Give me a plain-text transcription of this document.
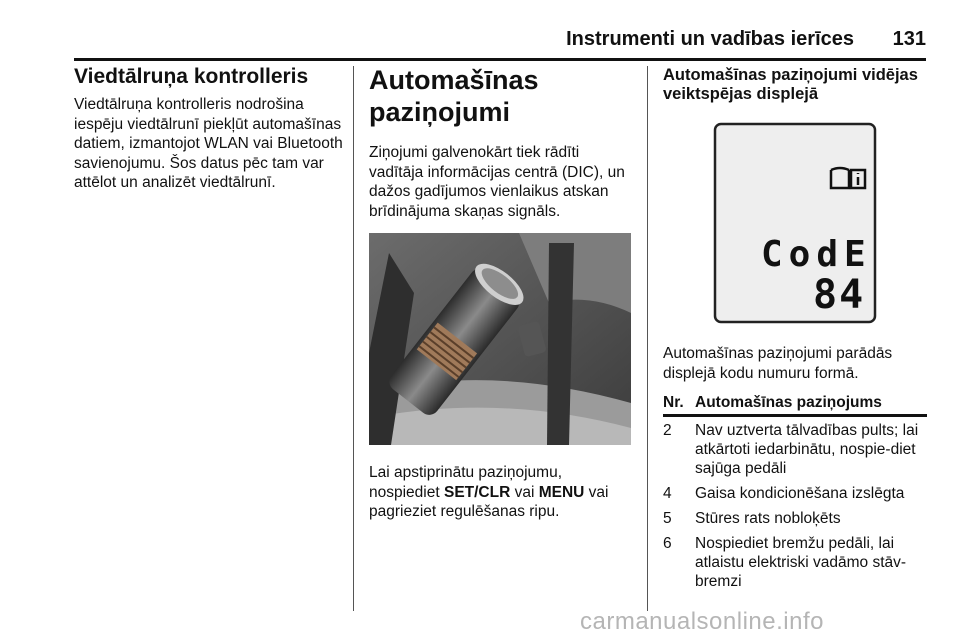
Instrumenti un vadības ierīces 131
Viedtālruņa kontrolleris

Viedtālruņa kontrolleris nodrošina iespēju viedtālrunī piekļūt automašīnas datiem, izmantojot WLAN vai Bluetooth savienojumu. Šos datus pēc tam var attēlot un analizēt viedtālrunī.

Automašīnas
paziņojumi

Ziņojumi galvenokārt tiek rādīti vadītāja informācijas centrā (DIC), un dažos gadījumos vienlaikus atskan brīdinājuma skaņas signāls.

Lai apstiprinātu paziņojumu, nospiediet SET/CLR vai MENU vai pagrieziet regulēšanas ripu.

Automašīnas paziņojumi vidējas veiktspējas displejā
CodE
84

Automašīnas paziņojumi parādās displejā kodu numuru formā.

Nr.	Automašīnas paziņojums
2	Nav uztverta tālvadības pults; lai atkārtoti iedarbinātu, nospie-diet sajūga pedāli
4	Gaisa kondicionēšana izslēgta
5	Stūres rats nobloķēts
6	Nospiediet bremžu pedāli, lai atlaistu elektriski vadāmo stāv-bremzi
carmanualsonline.info
